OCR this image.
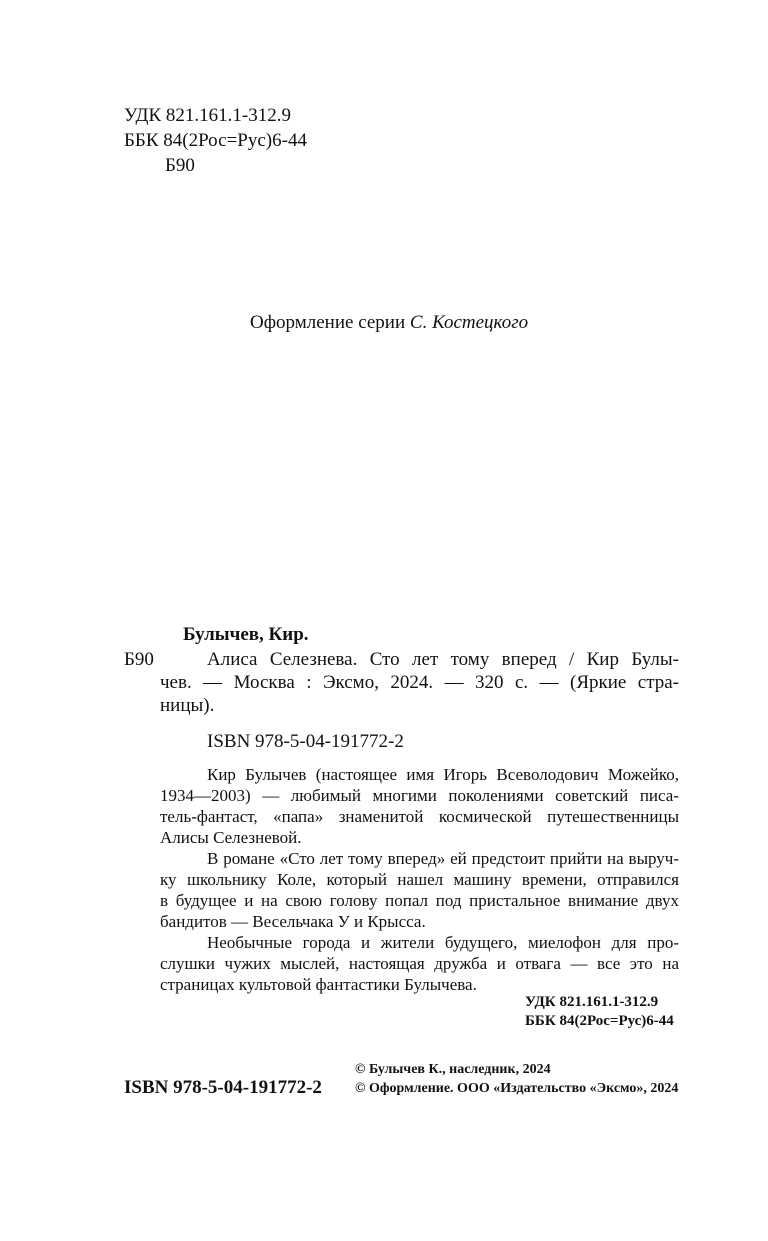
УДК 821.161.1-312.9
ББК 84(2Рос=Рус)6-44
Б90
Оформление серии С. Костецкого
Булычев, Кир.
Б90	Алиса Селезнева. Сто лет тому вперед / Кир Булы-
чев. — Москва : Эксмо, 2024. — 320 с. — (Яркие стра-
ницы).
ISBN 978-5-04-191772-2
Кир Булычев (настоящее имя Игорь Всеволодович Можейко,
1934—2003) — любимый многими поколениями советский писа-
тель-фантаст, «папа» знаменитой космической путешественницы
Алисы Селезневой.
В романе «Сто лет тому вперед» ей предстоит прийти на выруч-
ку школьнику Коле, который нашел машину времени, отправился
в будущее и на свою голову попал под пристальное внимание двух
бандитов — Весельчака У и Крысса.
Необычные города и жители будущего, миелофон для про-
слушки чужих мыслей, настоящая дружба и отвага — все это на
страницах культовой фантастики Булычева.
УДК 821.161.1-312.9
ББК 84(2Рос=Рус)6-44
ISBN 978-5-04-191772-2
© Булычев К., наследник, 2024
© Оформление. ООО «Издательство «Эксмо», 2024
